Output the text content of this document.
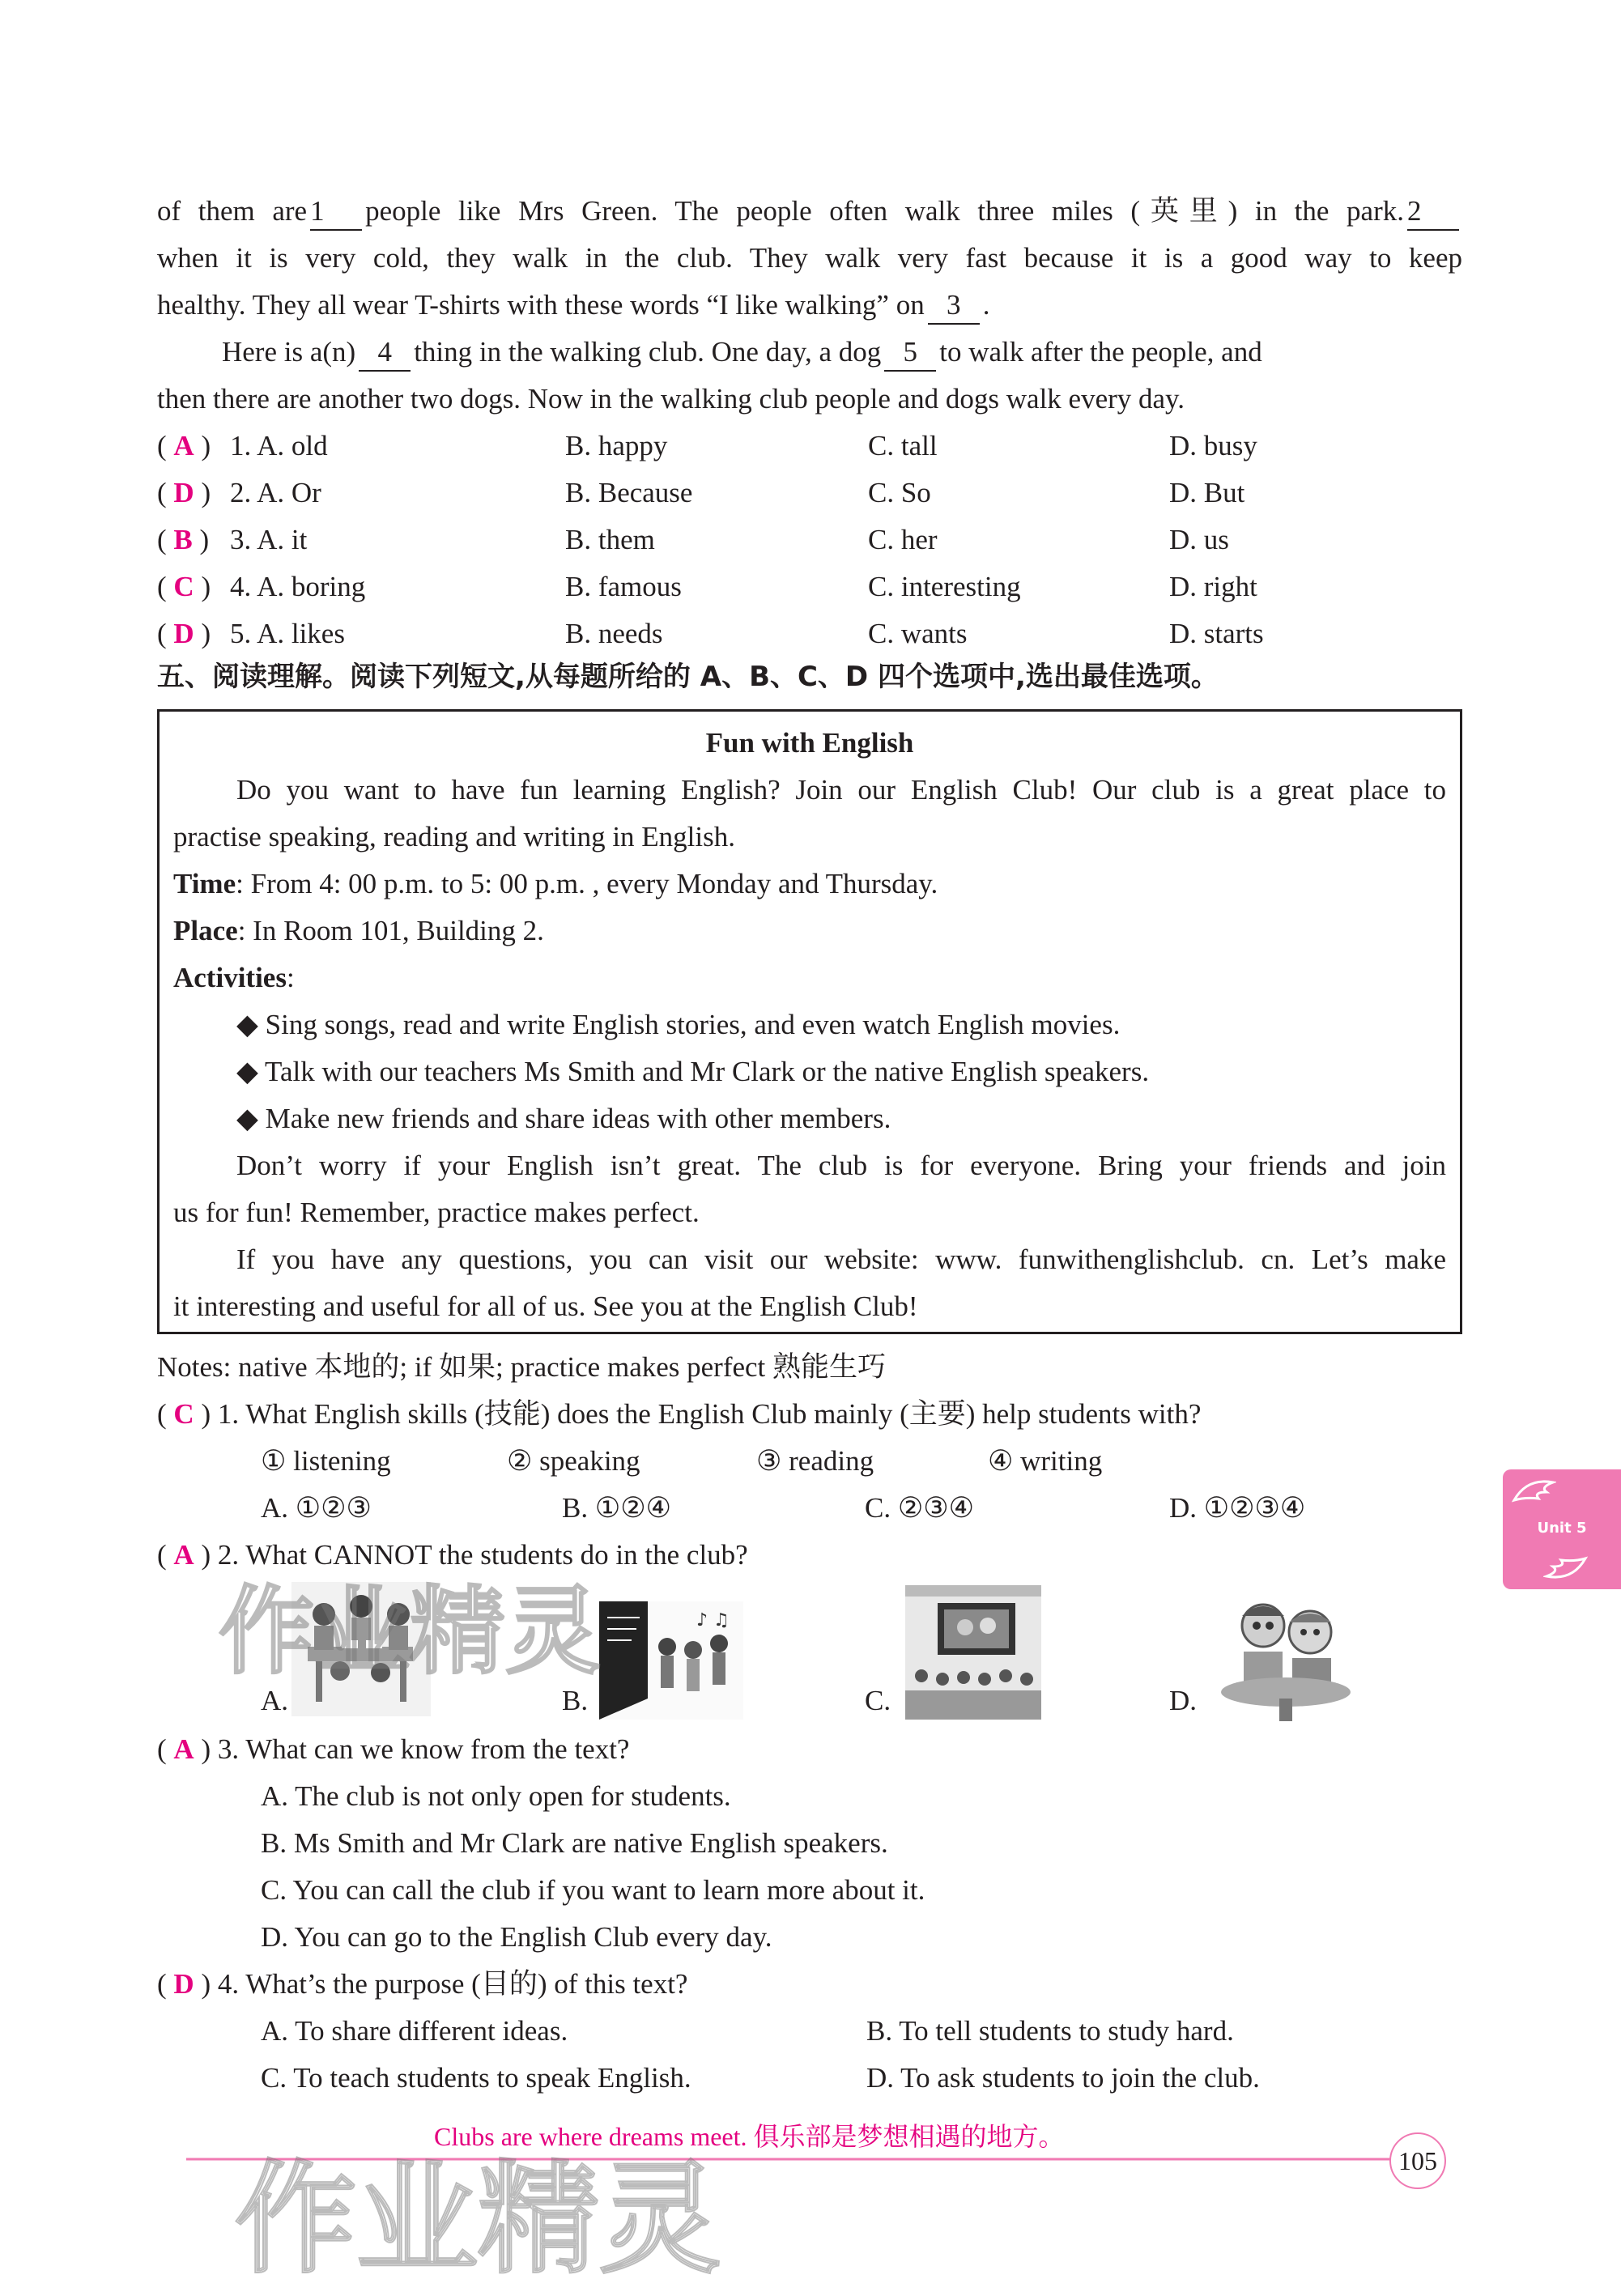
of them are 1 people like Mrs Green. The people often walk three miles (英里) in the park. 2
when it is very cold, they walk in the club. They walk very fast because it is a good way to keep
healthy. They all wear T-shirts with these words “I like walking” on 3 .
Here is a(n) 4 thing in the walking club. One day, a dog 5 to walk after the people, and
then there are another two dogs. Now in the walking club people and dogs walk every day.
( A ) 1. A. old	B. happy	C. tall	D. busy
( D ) 2. A. Or	B. Because	C. So	D. But
( B ) 3. A. it	B. them	C. her	D. us
( C ) 4. A. boring	B. famous	C. interesting	D. right
( D ) 5. A. likes	B. needs	C. wants	D. starts
五、阅读理解。阅读下列短文,从每题所给的 A、B、C、D 四个选项中,选出最佳选项。
Fun with English
Do you want to have fun learning English? Join our English Club! Our club is a great place to
practise speaking, reading and writing in English.
Time: From 4: 00 p.m. to 5: 00 p.m. , every Monday and Thursday.
Place: In Room 101, Building 2.
Activities:
◆ Sing songs, read and write English stories, and even watch English movies.
◆ Talk with our teachers Ms Smith and Mr Clark or the native English speakers.
◆ Make new friends and share ideas with other members.
Don’t worry if your English isn’t great. The club is for everyone. Bring your friends and join
us for fun! Remember, practice makes perfect.
If you have any questions, you can visit our website: www. funwithenglishclub. cn. Let’s make
it interesting and useful for all of us. See you at the English Club!
Notes: native 本地的; if 如果; practice makes perfect 熟能生巧
( C ) 1. What English skills (技能) does the English Club mainly (主要) help students with?
① listening	② speaking	③ reading	④ writing
A. ①②③	B. ①②④	C. ②③④	D. ①②③④
( A ) 2. What CANNOT the students do in the club?
A.	B.
♪ ♫
C.	D.
( A ) 3. What can we know from the text?
A. The club is not only open for students.
B. Ms Smith and Mr Clark are native English speakers.
C. You can call the club if you want to learn more about it.
D. You can go to the English Club every day.
( D ) 4. What’s the purpose (目的) of this text?
A. To share different ideas.	B. To tell students to study hard.
C. To teach students to speak English.	D. To ask students to join the club.
Unit 5
Clubs are where dreams meet. 俱乐部是梦想相遇的地方。
105
作业精灵
作业精灵
